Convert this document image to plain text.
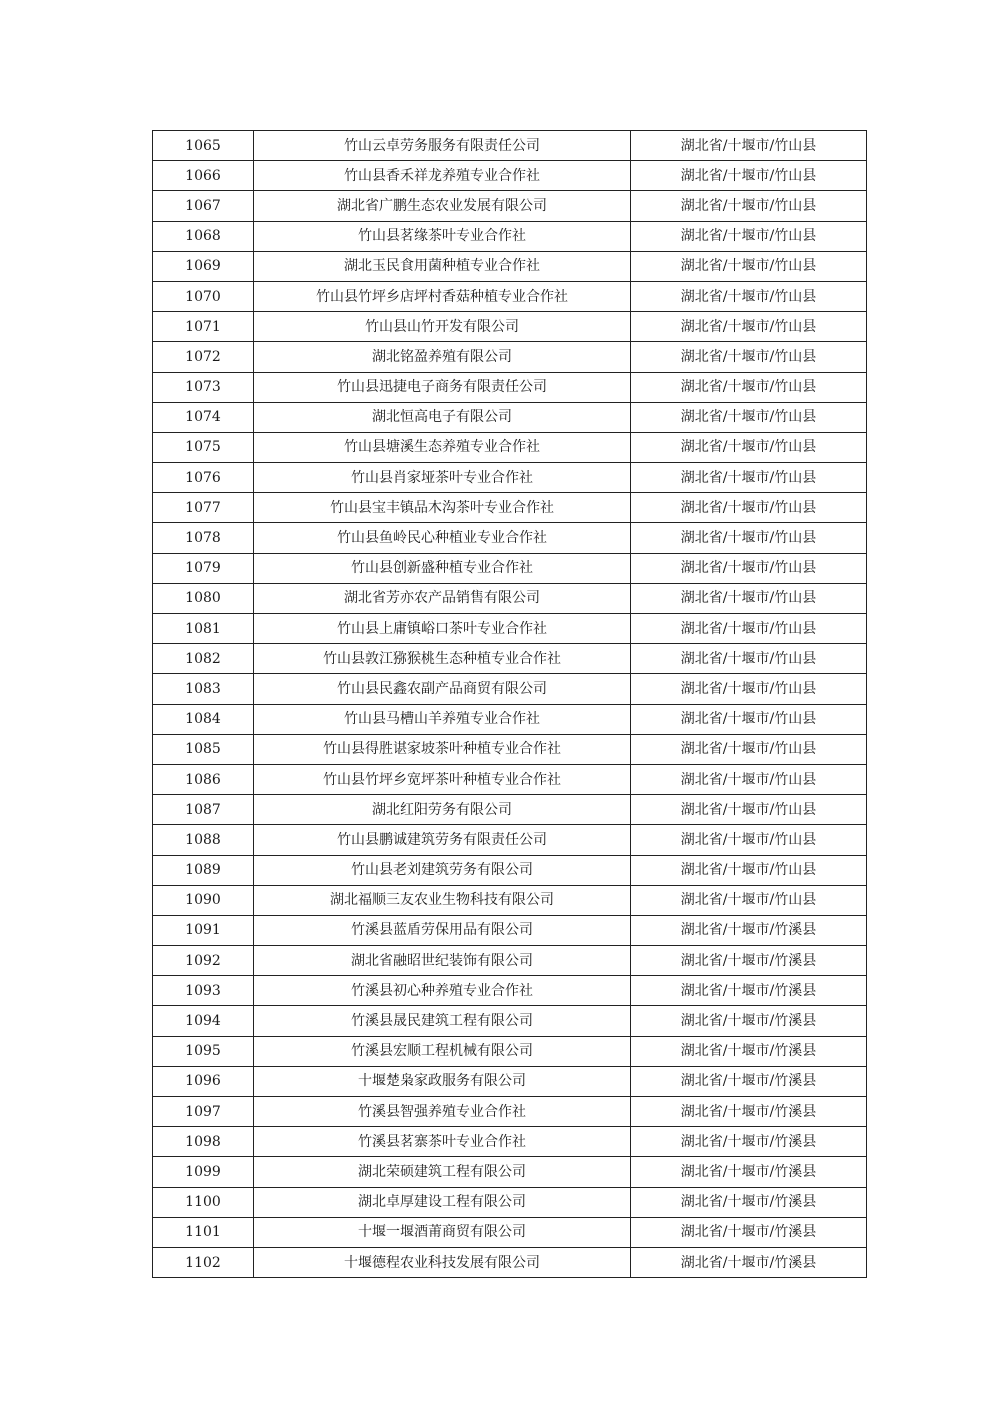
1065	竹山云卓劳务服务有限责任公司	湖北省/十堰市/竹山县
1066	竹山县香禾祥龙养殖专业合作社	湖北省/十堰市/竹山县
1067	湖北省广鹏生态农业发展有限公司	湖北省/十堰市/竹山县
1068	竹山县茗缘茶叶专业合作社	湖北省/十堰市/竹山县
1069	湖北玉民食用菌种植专业合作社	湖北省/十堰市/竹山县
1070	竹山县竹坪乡店坪村香菇种植专业合作社	湖北省/十堰市/竹山县
1071	竹山县山竹开发有限公司	湖北省/十堰市/竹山县
1072	湖北铭盈养殖有限公司	湖北省/十堰市/竹山县
1073	竹山县迅捷电子商务有限责任公司	湖北省/十堰市/竹山县
1074	湖北恒高电子有限公司	湖北省/十堰市/竹山县
1075	竹山县塘溪生态养殖专业合作社	湖北省/十堰市/竹山县
1076	竹山县肖家垭茶叶专业合作社	湖北省/十堰市/竹山县
1077	竹山县宝丰镇品木沟茶叶专业合作社	湖北省/十堰市/竹山县
1078	竹山县鱼岭民心种植业专业合作社	湖北省/十堰市/竹山县
1079	竹山县创新盛种植专业合作社	湖北省/十堰市/竹山县
1080	湖北省芳亦农产品销售有限公司	湖北省/十堰市/竹山县
1081	竹山县上庸镇峪口茶叶专业合作社	湖北省/十堰市/竹山县
1082	竹山县敦江猕猴桃生态种植专业合作社	湖北省/十堰市/竹山县
1083	竹山县民鑫农副产品商贸有限公司	湖北省/十堰市/竹山县
1084	竹山县马槽山羊养殖专业合作社	湖北省/十堰市/竹山县
1085	竹山县得胜谌家坡茶叶种植专业合作社	湖北省/十堰市/竹山县
1086	竹山县竹坪乡宽坪茶叶种植专业合作社	湖北省/十堰市/竹山县
1087	湖北红阳劳务有限公司	湖北省/十堰市/竹山县
1088	竹山县鹏诚建筑劳务有限责任公司	湖北省/十堰市/竹山县
1089	竹山县老刘建筑劳务有限公司	湖北省/十堰市/竹山县
1090	湖北福顺三友农业生物科技有限公司	湖北省/十堰市/竹山县
1091	竹溪县蓝盾劳保用品有限公司	湖北省/十堰市/竹溪县
1092	湖北省融昭世纪装饰有限公司	湖北省/十堰市/竹溪县
1093	竹溪县初心种养殖专业合作社	湖北省/十堰市/竹溪县
1094	竹溪县晟民建筑工程有限公司	湖北省/十堰市/竹溪县
1095	竹溪县宏顺工程机械有限公司	湖北省/十堰市/竹溪县
1096	十堰楚枭家政服务有限公司	湖北省/十堰市/竹溪县
1097	竹溪县智强养殖专业合作社	湖北省/十堰市/竹溪县
1098	竹溪县茗寨茶叶专业合作社	湖北省/十堰市/竹溪县
1099	湖北荣硕建筑工程有限公司	湖北省/十堰市/竹溪县
1100	湖北卓厚建设工程有限公司	湖北省/十堰市/竹溪县
1101	十堰一堰酒莆商贸有限公司	湖北省/十堰市/竹溪县
1102	十堰德程农业科技发展有限公司	湖北省/十堰市/竹溪县
